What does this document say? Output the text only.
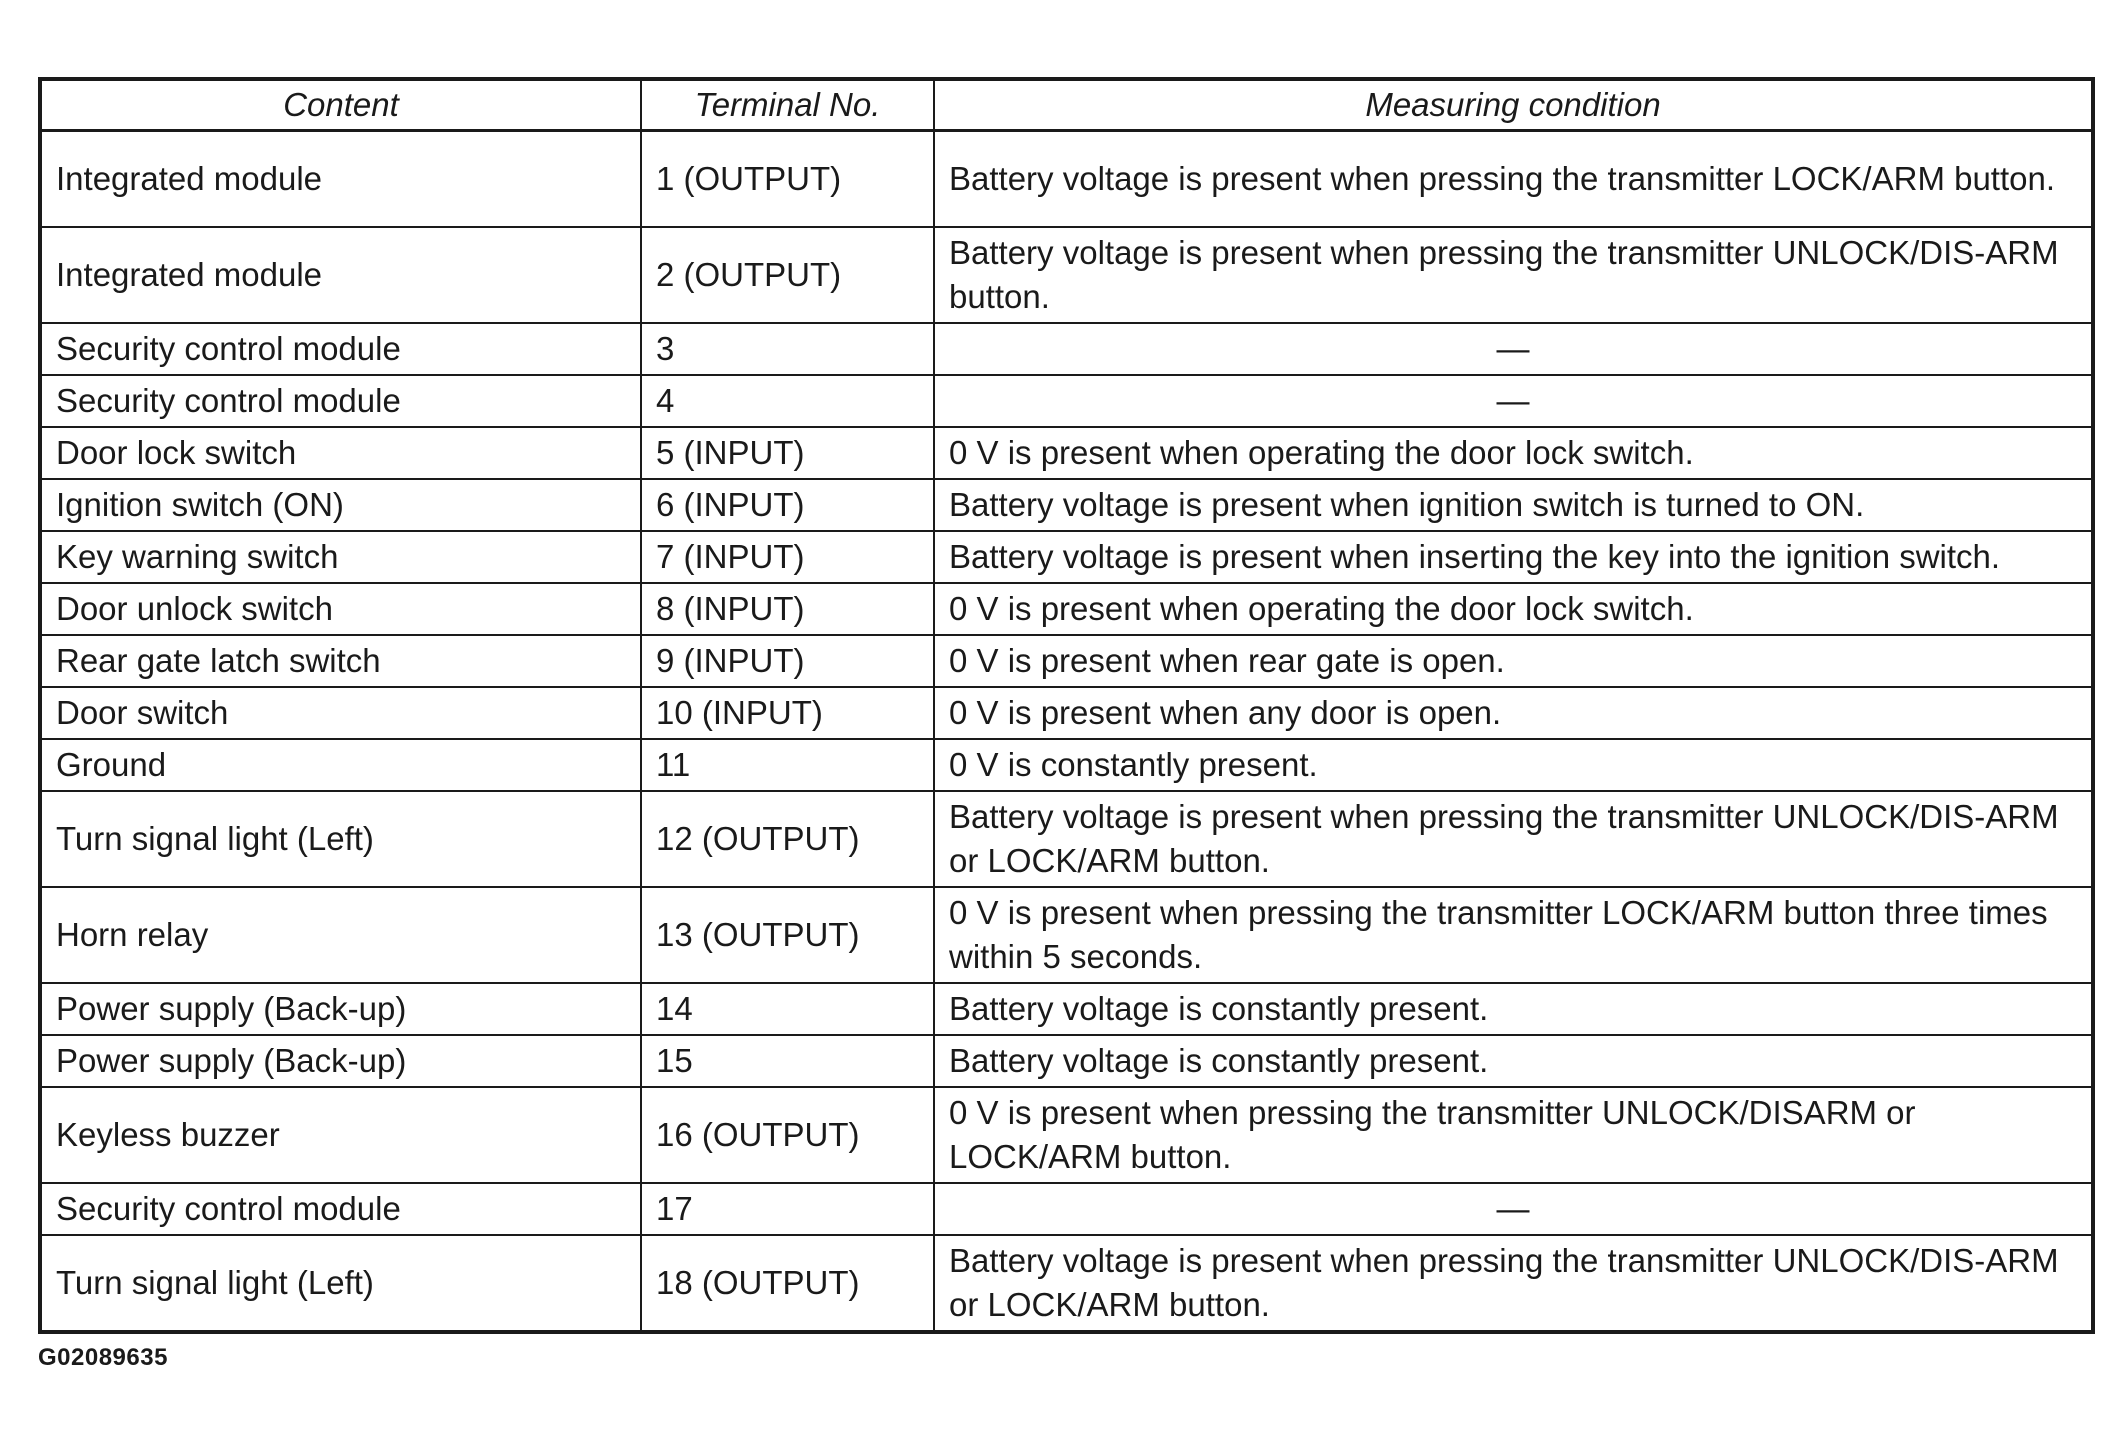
Content	Terminal No.	Measuring condition
Integrated module	1 (OUTPUT)	Battery voltage is present when pressing the transmitter LOCK/ARM button.
Integrated module	2 (OUTPUT)	Battery voltage is present when pressing the transmitter UNLOCK/DIS-ARM button.
Security control module	3	—
Security control module	4	—
Door lock switch	5 (INPUT)	0 V is present when operating the door lock switch.
Ignition switch (ON)	6 (INPUT)	Battery voltage is present when ignition switch is turned to ON.
Key warning switch	7 (INPUT)	Battery voltage is present when inserting the key into the ignition switch.
Door unlock switch	8 (INPUT)	0 V is present when operating the door lock switch.
Rear gate latch switch	9 (INPUT)	0 V is present when rear gate is open.
Door switch	10 (INPUT)	0 V is present when any door is open.
Ground	11	0 V is constantly present.
Turn signal light (Left)	12 (OUTPUT)	Battery voltage is present when pressing the transmitter UNLOCK/DIS-ARM or LOCK/ARM button.
Horn relay	13 (OUTPUT)	0 V is present when pressing the transmitter LOCK/ARM button three times within 5 seconds.
Power supply (Back-up)	14	Battery voltage is constantly present.
Power supply (Back-up)	15	Battery voltage is constantly present.
Keyless buzzer	16 (OUTPUT)	0 V is present when pressing the transmitter UNLOCK/DISARM or LOCK/ARM button.
Security control module	17	—
Turn signal light (Left)	18 (OUTPUT)	Battery voltage is present when pressing the transmitter UNLOCK/DIS-ARM or LOCK/ARM button.
G02089635
